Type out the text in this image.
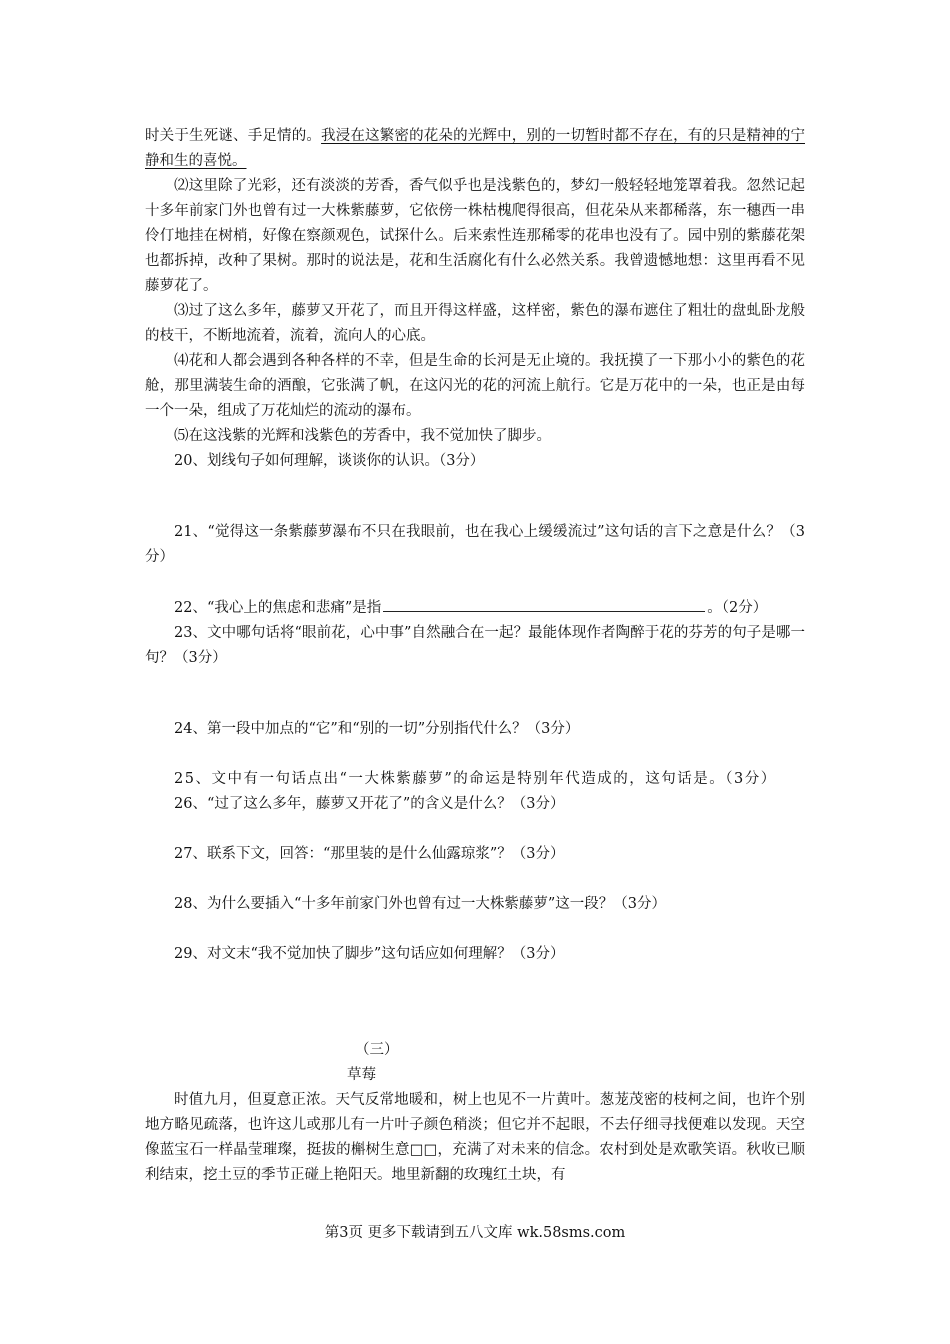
时关于生死谜、手足情的。我浸在这繁密的花朵的光辉中，别的一切暂时都不存在，有的只是精神的宁静和生的喜悦。

⑵这里除了光彩，还有淡淡的芳香，香气似乎也是浅紫色的，梦幻一般轻轻地笼罩着我。忽然记起十多年前家门外也曾有过一大株紫藤萝，它依傍一株枯槐爬得很高，但花朵从来都稀落，东一穗西一串伶仃地挂在树梢，好像在察颜观色，试探什么。后来索性连那稀零的花串也没有了。园中别的紫藤花架也都拆掉，改种了果树。那时的说法是，花和生活腐化有什么必然关系。我曾遗憾地想：这里再看不见藤萝花了。

⑶过了这么多年，藤萝又开花了，而且开得这样盛，这样密，紫色的瀑布遮住了粗壮的盘虬卧龙般的枝干，不断地流着，流着，流向人的心底。

⑷花和人都会遇到各种各样的不幸，但是生命的长河是无止境的。我抚摸了一下那小小的紫色的花舱，那里满装生命的酒酿，它张满了帆，在这闪光的花的河流上航行。它是万花中的一朵，也正是由每一个一朵，组成了万花灿烂的流动的瀑布。

⑸在这浅紫的光辉和浅紫色的芳香中，我不觉加快了脚步。

20、划线句子如何理解，谈谈你的认识。（3分）

21、“觉得这一条紫藤萝瀑布不只在我眼前，也在我心上缓缓流过”这句话的言下之意是什么？（3分）

22、“我心上的焦虑和悲痛”是指	。（2分）

23、文中哪句话将“眼前花，心中事”自然融合在一起？最能体现作者陶醉于花的芬芳的句子是哪一句？（3分）

24、第一段中加点的“它”和“别的一切”分别指代什么？（3分）

25、文中有一句话点出“一大株紫藤萝”的命运是特别年代造成的，这句话是。（3分）

26、“过了这么多年，藤萝又开花了”的含义是什么？（3分）

27、联系下文，回答：“那里装的是什么仙露琼浆”？（3分）

28、为什么要插入“十多年前家门外也曾有过一大株紫藤萝”这一段？（3分）

29、对文末“我不觉加快了脚步”这句话应如何理解？（3分）

（三）

草莓

时值九月，但夏意正浓。天气反常地暖和，树上也见不一片黄叶。葱茏茂密的枝柯之间，也许个别地方略见疏落，也许这儿或那儿有一片叶子颜色稍淡；但它并不起眼，不去仔细寻找便难以发现。天空像蓝宝石一样晶莹璀璨，挺拔的槲树生意□□，充满了对未来的信念。农村到处是欢歌笑语。秋收已顺利结束，挖土豆的季节正碰上艳阳天。地里新翻的玫瑰红土块，有

第3页 更多下载请到五八文库 wk.58sms.com
